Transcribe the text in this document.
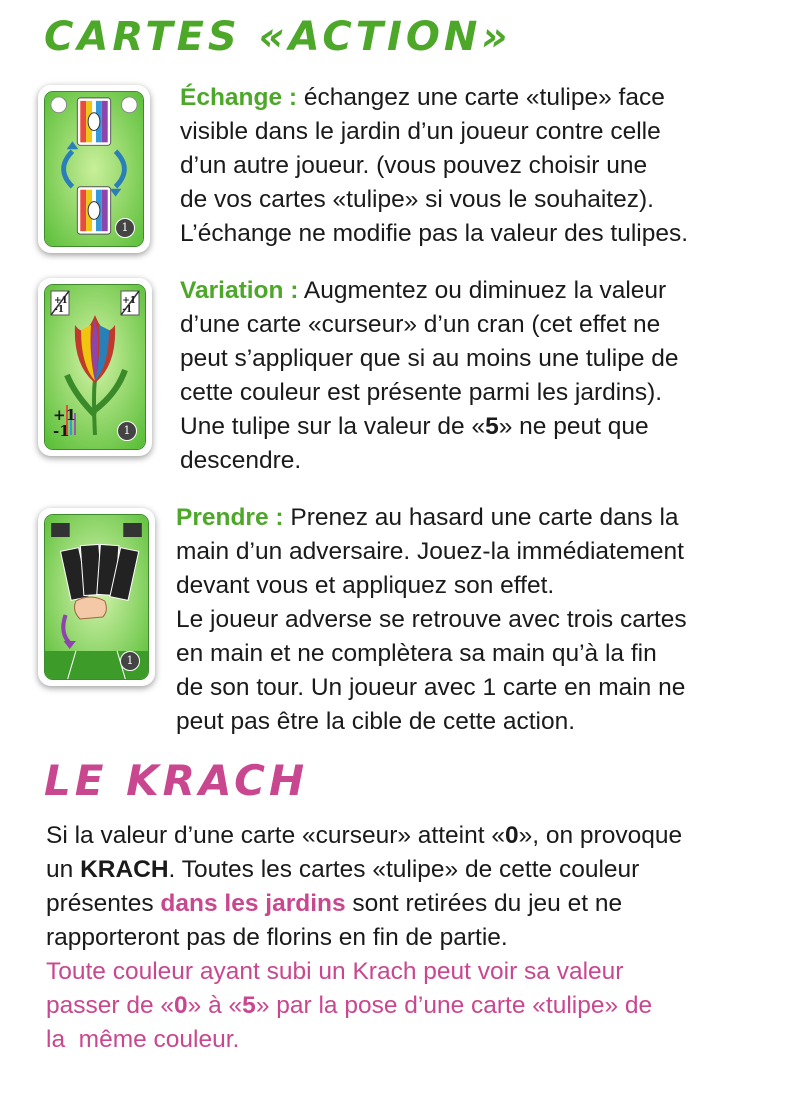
CARTES «ACTION»
1

Échange : échangez une carte «tulipe» face
visible dans le jardin d’un joueur contre celle
d’un autre joueur. (vous pouvez choisir une
de vos cartes «tulipe» si vous le souhaitez).
L’échange ne modifie pas la valeur des tulipes.

+1
-1
+1
-1
+1
-1	1

Variation : Augmentez ou diminuez la valeur
d’une carte «curseur» d’un cran (cet effet ne
peut s’appliquer que si au moins une tulipe de
cette couleur est présente parmi les jardins).
Une tulipe sur la valeur de «5» ne peut que
descendre.

1

Prendre : Prenez au hasard une carte dans la
main d’un adversaire. Jouez-la immédiatement
devant vous et appliquez son effet.
Le joueur adverse se retrouve avec trois cartes
en main et ne complètera sa main qu’à la fin
de son tour. Un joueur avec 1 carte en main ne
peut pas être la cible de cette action.

LE KRACH

Si la valeur d’une carte «curseur» atteint «0», on provoque
un KRACH. Toutes les cartes «tulipe» de cette couleur
présentes dans les jardins sont retirées du jeu et ne
rapporteront pas de florins en fin de partie.
Toute couleur ayant subi un Krach peut voir sa valeur
passer de «0» à «5» par la pose d’une carte «tulipe» de
la  même couleur.
